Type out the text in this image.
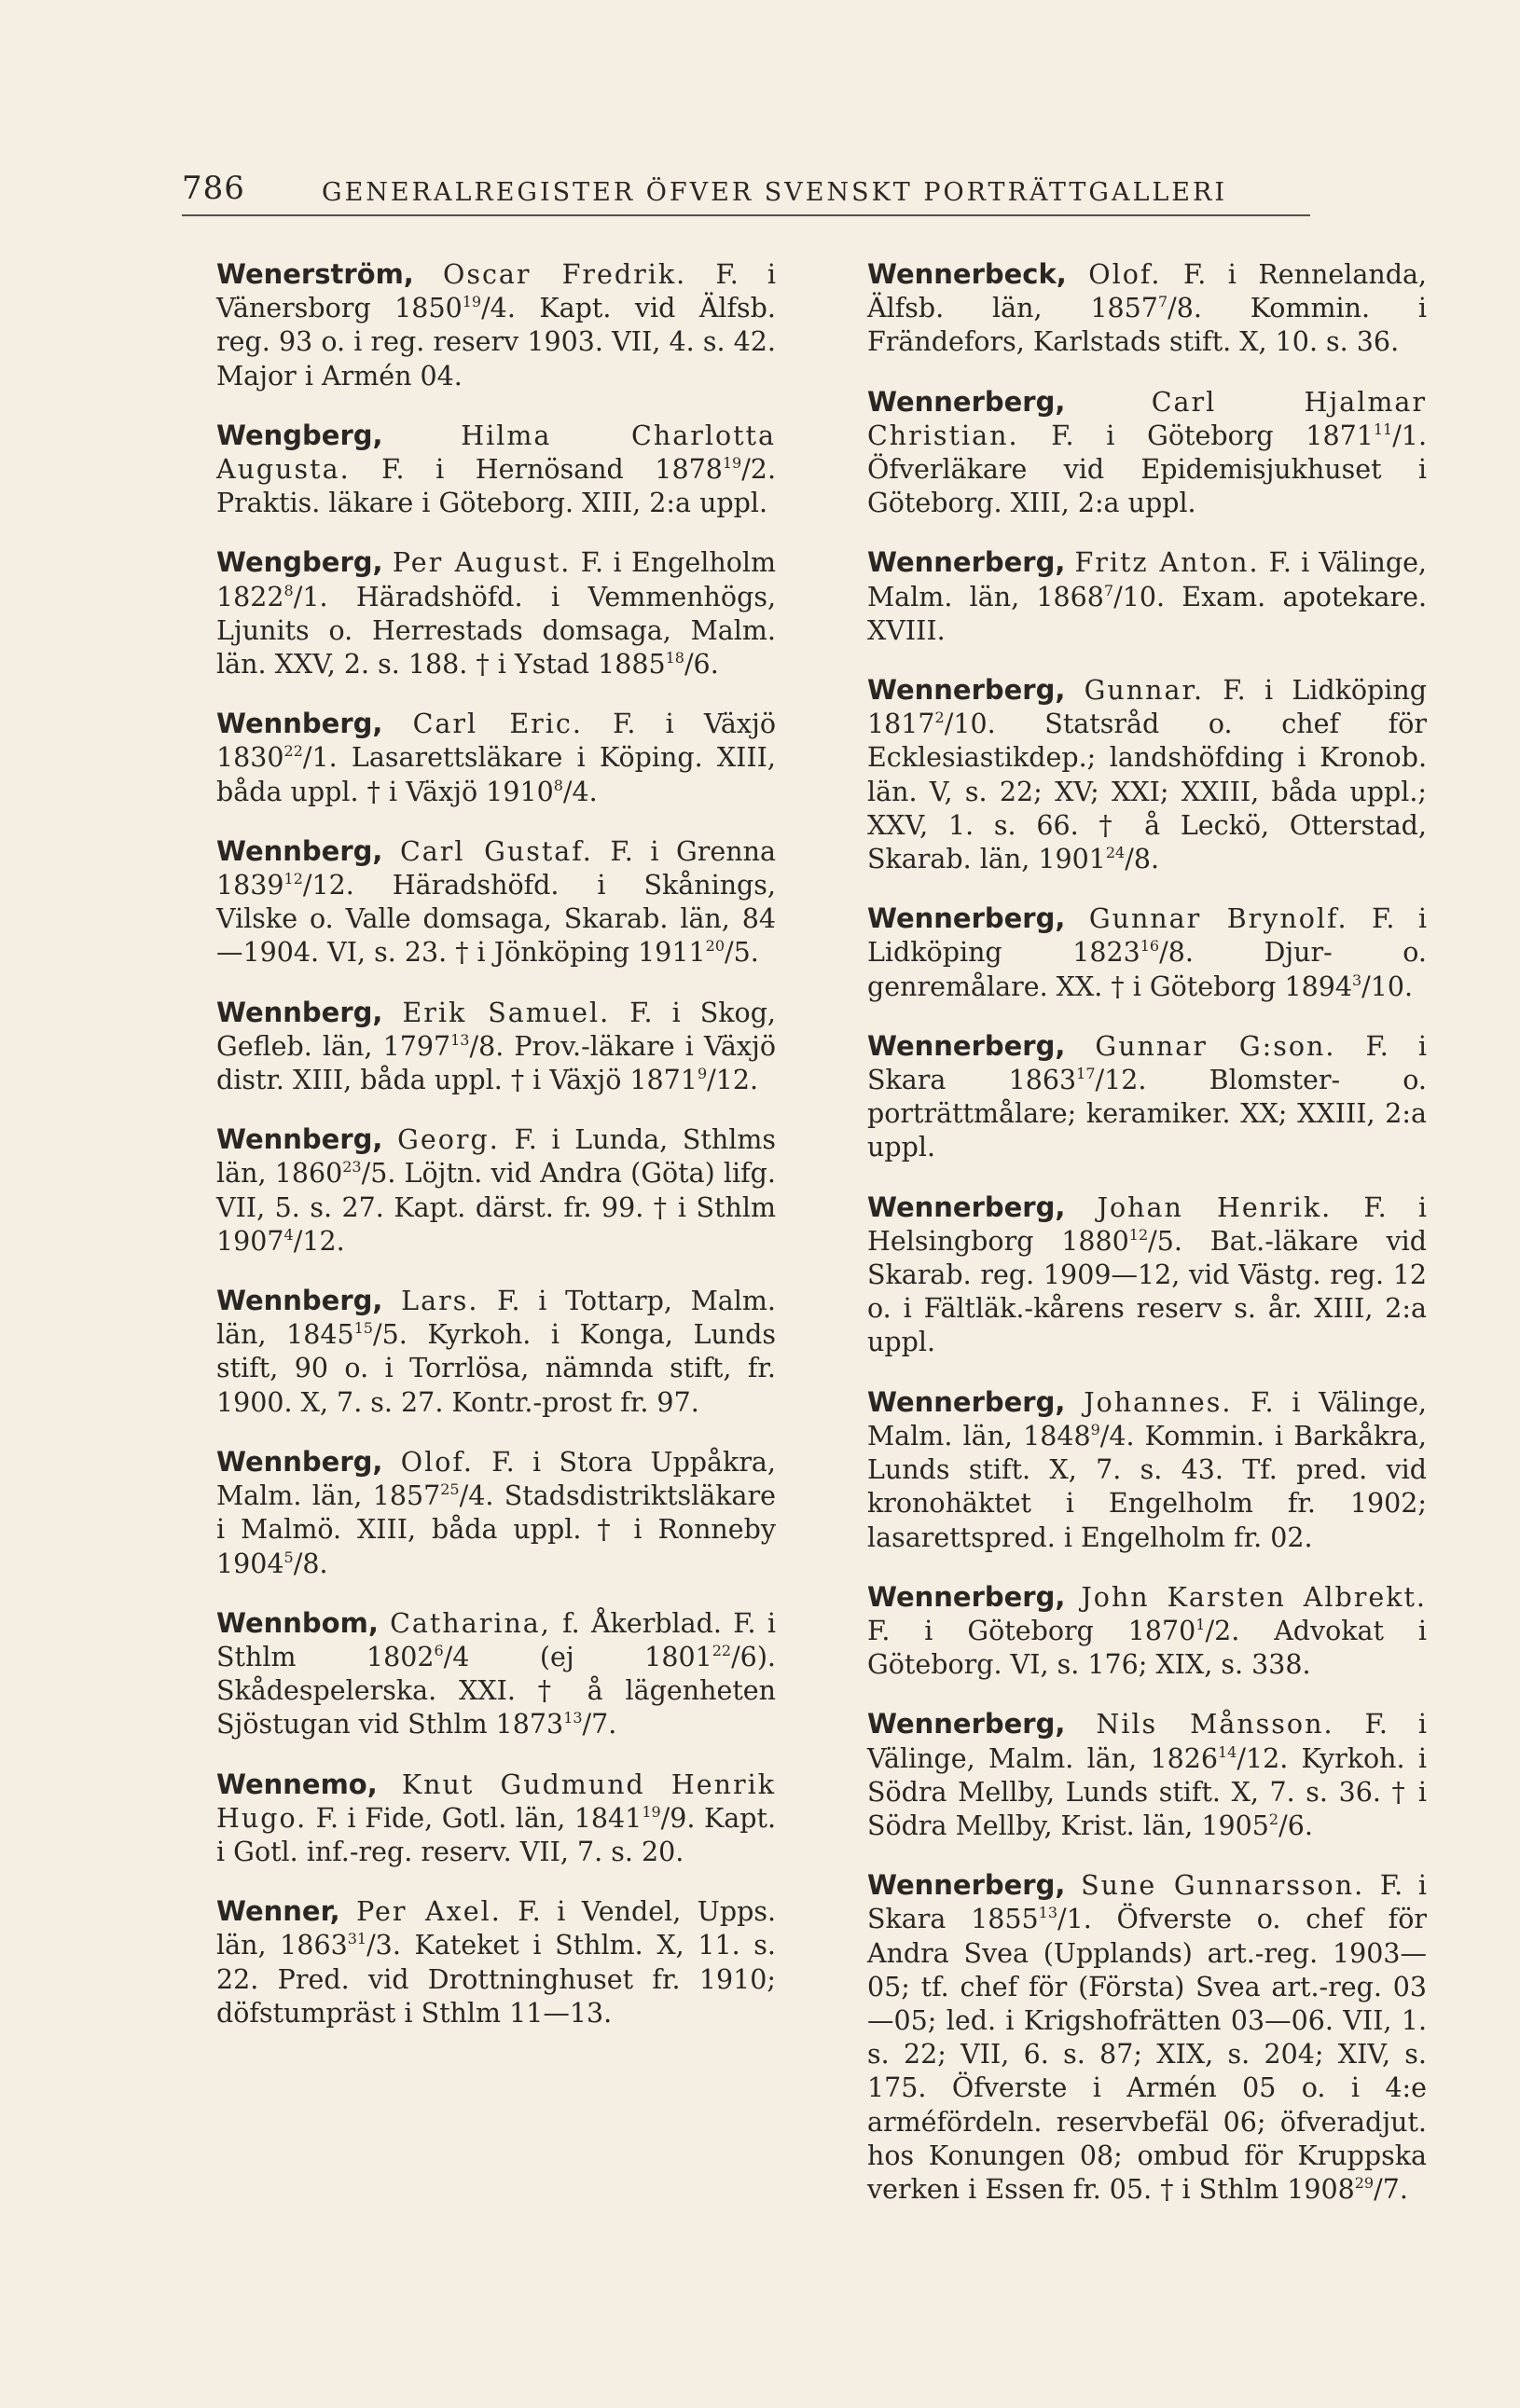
786	GENERALREGISTER ÖFVER SVENSKT PORTRÄTTGALLERI
Wenerström, Oscar Fredrik. F. i Vänersborg 1850$^{19}$/4. Kapt. vid Älfsb. reg. 93 o. i reg. reserv 1903. VII, 4. s. 42. Major i Armén 04.
Wengberg,	Hilma Charlotta Augusta. F. i Hernösand 1878$^{19}$/2. Praktis. läkare i Göteborg. XIII, 2:a uppl.
Wengberg, Per August. F. i Engelholm 1822$^8$/1. Häradshöfd. i Vemmenhögs, Ljunits o. Herrestads domsaga, Malm. län. XXV, 2. s. 188. † i Ystad 1885$^{18}$/6.
Wennberg, Carl Eric. F. i Växjö 1830$^{22}$/1. Lasarettsläkare i Köping. XIII, båda uppl. † i Växjö 1910$^8$/4.
Wennberg, Carl Gustaf. F. i Grenna 1839$^{12}$/12. Häradshöfd. i Skånings, Vilske o. Valle domsaga, Skarab. län, 84—1904. VI, s. 23. † i Jönköping 1911$^{20}$/5.
Wennberg, Erik Samuel. F. i Skog, Gefleb. län, 1797$^{13}$/8. Prov.-läkare i Växjö distr. XIII, båda uppl. † i Växjö 1871$^9$/12.
Wennberg, Georg. F. i Lunda, Sthlms län, 1860$^{23}$/5. Löjtn. vid Andra (Göta) lifg. VII, 5. s. 27. Kapt. därst. fr. 99. † i Sthlm 1907$^4$/12.
Wennberg, Lars. F. i Tottarp, Malm. län, 1845$^{15}$/5. Kyrkoh. i Konga, Lunds stift, 90 o. i Torrlösa, nämnda stift, fr. 1900. X, 7. s. 27. Kontr.-prost fr. 97.
Wennberg, Olof. F. i Stora Uppåkra, Malm. län, 1857$^{25}$/4. Stadsdistriktsläkare i Malmö. XIII, båda uppl. † i Ronneby 1904$^5$/8.
Wennbom, Catharina, f. Åkerblad. F. i Sthlm 1802$^6$/4 (ej 1801$^{22}$/6). Skådespelerska. XXI. † å lägenheten Sjöstugan vid Sthlm 1873$^{13}$/7.
Wennemo, Knut Gudmund Henrik Hugo. F. i Fide, Gotl. län, 1841$^{19}$/9. Kapt. i Gotl. inf.-reg. reserv. VII, 7. s. 20.
Wenner, Per Axel. F. i Vendel, Upps. län, 1863$^{31}$/3. Kateket i Sthlm. X, 11. s. 22. Pred. vid Drottninghuset fr. 1910; döfstumpräst i Sthlm 11—13.
Wennerbeck, Olof. F. i Rennelanda, Älfsb. län, 1857$^7$/8. Kommin. i Frändefors, Karlstads stift. X, 10. s. 36.
Wennerberg,	Carl Hjalmar Christian. F. i Göteborg 1871$^{11}$/1. Öfverläkare vid Epidemisjukhuset i Göteborg. XIII, 2:a uppl.
Wennerberg, Fritz Anton. F. i Välinge, Malm. län, 1868$^7$/10. Exam. apotekare. XVIII.
Wennerberg, Gunnar. F. i Lidköping 1817$^2$/10. Statsråd o. chef för Ecklesiastikdep.; landshöfding i Kronob. län. V, s. 22; XV; XXI; XXIII, båda uppl.; XXV, 1. s. 66. † å Leckö, Otterstad, Skarab. län, 1901$^{24}$/8.
Wennerberg, Gunnar Brynolf. F. i Lidköping 1823$^{16}$/8. Djur- o. genremålare. XX. † i Göteborg 1894$^3$/10.
Wennerberg, Gunnar G:son. F. i Skara 1863$^{17}$/12. Blomster- o. porträttmålare; keramiker. XX; XXIII, 2:a uppl.
Wennerberg, Johan Henrik. F. i Helsingborg 1880$^{12}$/5. Bat.-läkare vid Skarab. reg. 1909—12, vid Västg. reg. 12 o. i Fältläk.-kårens reserv s. år. XIII, 2:a uppl.
Wennerberg, Johannes. F. i Välinge, Malm. län, 1848$^9$/4. Kommin. i Barkåkra, Lunds stift. X, 7. s. 43. Tf. pred. vid kronohäktet i Engelholm fr. 1902; lasarettspred. i Engelholm fr. 02.
Wennerberg, John Karsten Albrekt. F. i Göteborg 1870$^1$/2. Advokat i Göteborg. VI, s. 176; XIX, s. 338.
Wennerberg, Nils Månsson. F. i Välinge, Malm. län, 1826$^{14}$/12. Kyrkoh. i Södra Mellby, Lunds stift. X, 7. s. 36. † i Södra Mellby, Krist. län, 1905$^2$/6.
Wennerberg, Sune Gunnarsson. F. i Skara 1855$^{13}$/1. Öfverste o. chef för Andra Svea (Upplands) art.-reg. 1903—05; tf. chef för (Första) Svea art.-reg. 03—05; led. i Krigshofrätten 03—06. VII, 1. s. 22; VII, 6. s. 87; XIX, s. 204; XIV, s. 175. Öfverste i Armén 05 o. i 4:e arméfördeln. reservbefäl 06; öfveradjut. hos Konungen 08; ombud för Kruppska verken i Essen fr. 05. † i Sthlm 1908$^{29}$/7.
